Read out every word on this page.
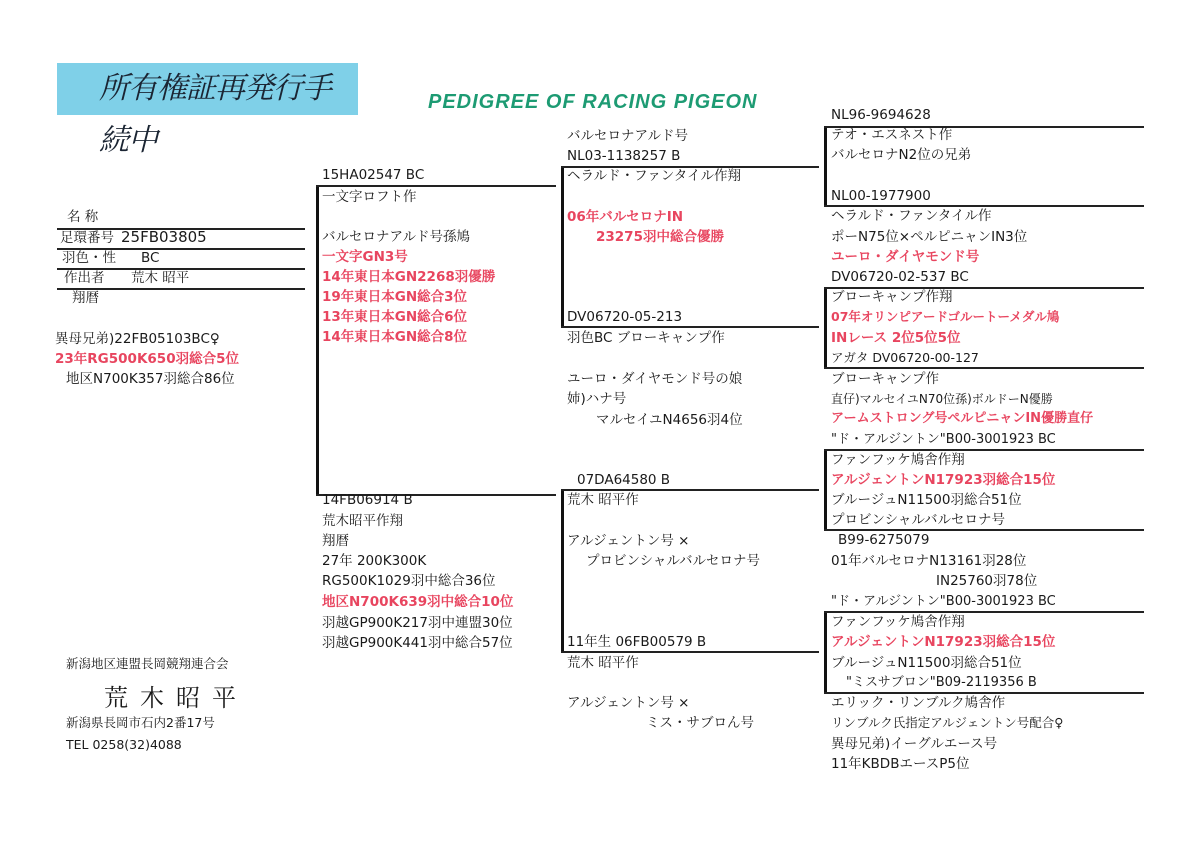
所有権証再発行手続中
PEDIGREE OF RACING PIGEON
名 称
足環番号 25FB03805
羽色・性 BC
作出者 荒木 昭平
翔暦
異母兄弟)22FB05103BC♀
23年RG500K650羽総合5位
地区N700K357羽総合86位
新潟地区連盟長岡競翔連合会
荒木昭平
新潟県長岡市石内2番17号
TEL 0258(32)4088
15HA02547 BC
一文字ロフト作
バルセロナアルド号孫鳩
一文字GN3号
14年東日本GN2268羽優勝
19年東日本GN総合3位
13年東日本GN総合6位
14年東日本GN総合8位
14FB06914 B
荒木昭平作翔
翔暦
27年 200K300K
RG500K1029羽中総合36位
地区N700K639羽中総合10位
羽越GP900K217羽中連盟30位
羽越GP900K441羽中総合57位
バルセロナアルド号
NL03-1138257 B
ヘラルド・ファンタイル作翔
06年バルセロナIN
23275羽中総合優勝
DV06720-05-213
羽色BC ブローキャンプ作
ユーロ・ダイヤモンド号の娘
姉)ハナ号
マルセイユN4656羽4位
07DA64580 B
荒木 昭平作
アルジェントン号 ×
プロビンシャルバルセロナ号
11年生 06FB00579 B
荒木 昭平作
アルジェントン号 ×
ミス・サブロん号
NL96-9694628
テオ・エスネスト作
バルセロナN2位の兄弟
NL00-1977900
ヘラルド・ファンタイル作
ポーN75位×ペルピニャンIN3位
ユーロ・ダイヤモンド号
DV06720-02-537 BC
ブローキャンプ作翔
07年オリンピアードゴルートーメダル鳩
INレース 2位5位5位
アガタ DV06720-00-127
ブローキャンプ作
直仔)マルセイユN70位孫)ボルドーN優勝
アームストロング号ペルピニャンIN優勝直仔
"ド・アルジントン"B00-3001923 BC
ファンフッケ鳩舎作翔
アルジェントンN17923羽総合15位
ブルージュN11500羽総合51位
プロビンシャルバルセロナ号
B99-6275079
01年バルセロナN13161羽28位
IN25760羽78位
"ド・アルジントン"B00-3001923 BC
ファンフッケ鳩舎作翔
アルジェントンN17923羽総合15位
ブルージュN11500羽総合51位
"ミスサブロン"B09-2119356 B
エリック・リンブルク鳩舎作
リンブルク氏指定アルジェントン号配合♀
異母兄弟)イーグルエース号
11年KBDBエースP5位
